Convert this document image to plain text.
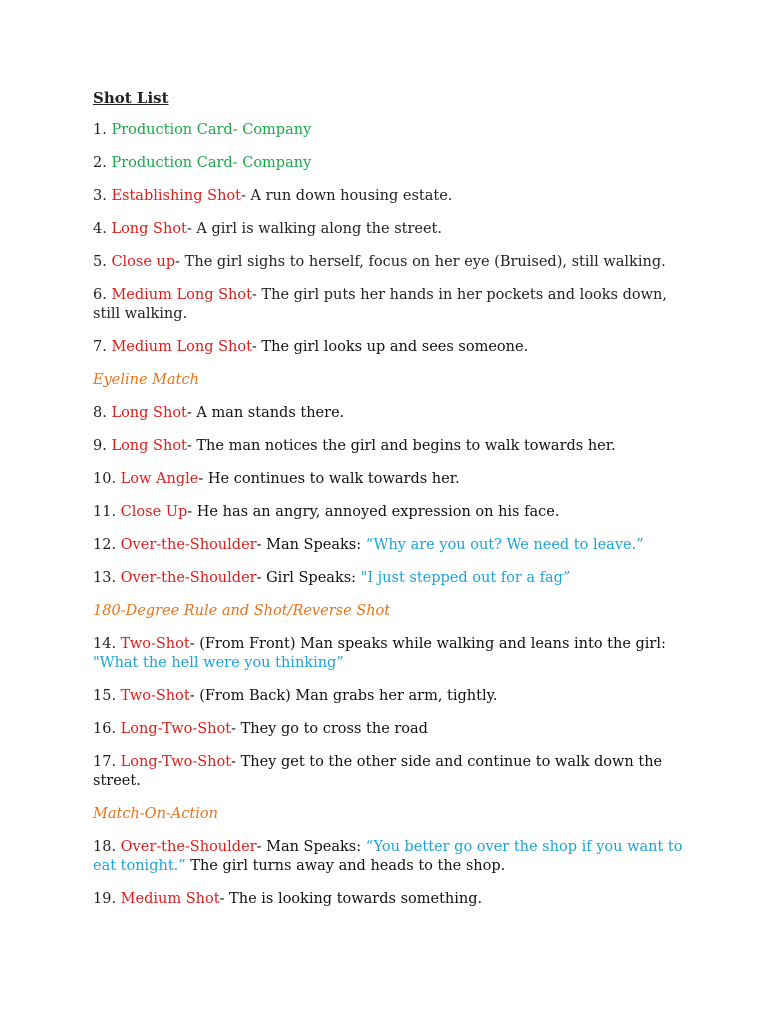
Shot List
1. Production Card- Company
2. Production Card- Company
3. Establishing Shot- A run down housing estate.
4. Long Shot- A girl is walking along the street.
5. Close up- The girl sighs to herself, focus on her eye (Bruised), still walking.
6. Medium Long Shot- The girl puts her hands in her pockets and looks down, still walking.
7. Medium Long Shot- The girl looks up and sees someone.
Eyeline Match
8. Long Shot- A man stands there.
9. Long Shot- The man notices the girl and begins to walk towards her.
10. Low Angle- He continues to walk towards her.
11. Close Up- He has an angry, annoyed expression on his face.
12. Over-the-Shoulder- Man Speaks: “Why are you out? We need to leave.”
13. Over-the-Shoulder- Girl Speaks: "I just stepped out for a fag”
180-Degree Rule and Shot/Reverse Shot
14. Two-Shot- (From Front) Man speaks while walking and leans into the girl: "What the hell were you thinking”
15. Two-Shot- (From Back) Man grabs her arm, tightly.
16. Long-Two-Shot- They go to cross the road
17. Long-Two-Shot- They get to the other side and continue to walk down the street.
Match-On-Action
18. Over-the-Shoulder- Man Speaks: “You better go over the shop if you want to eat tonight.” The girl turns away and heads to the shop.
19. Medium Shot- The is looking towards something.
